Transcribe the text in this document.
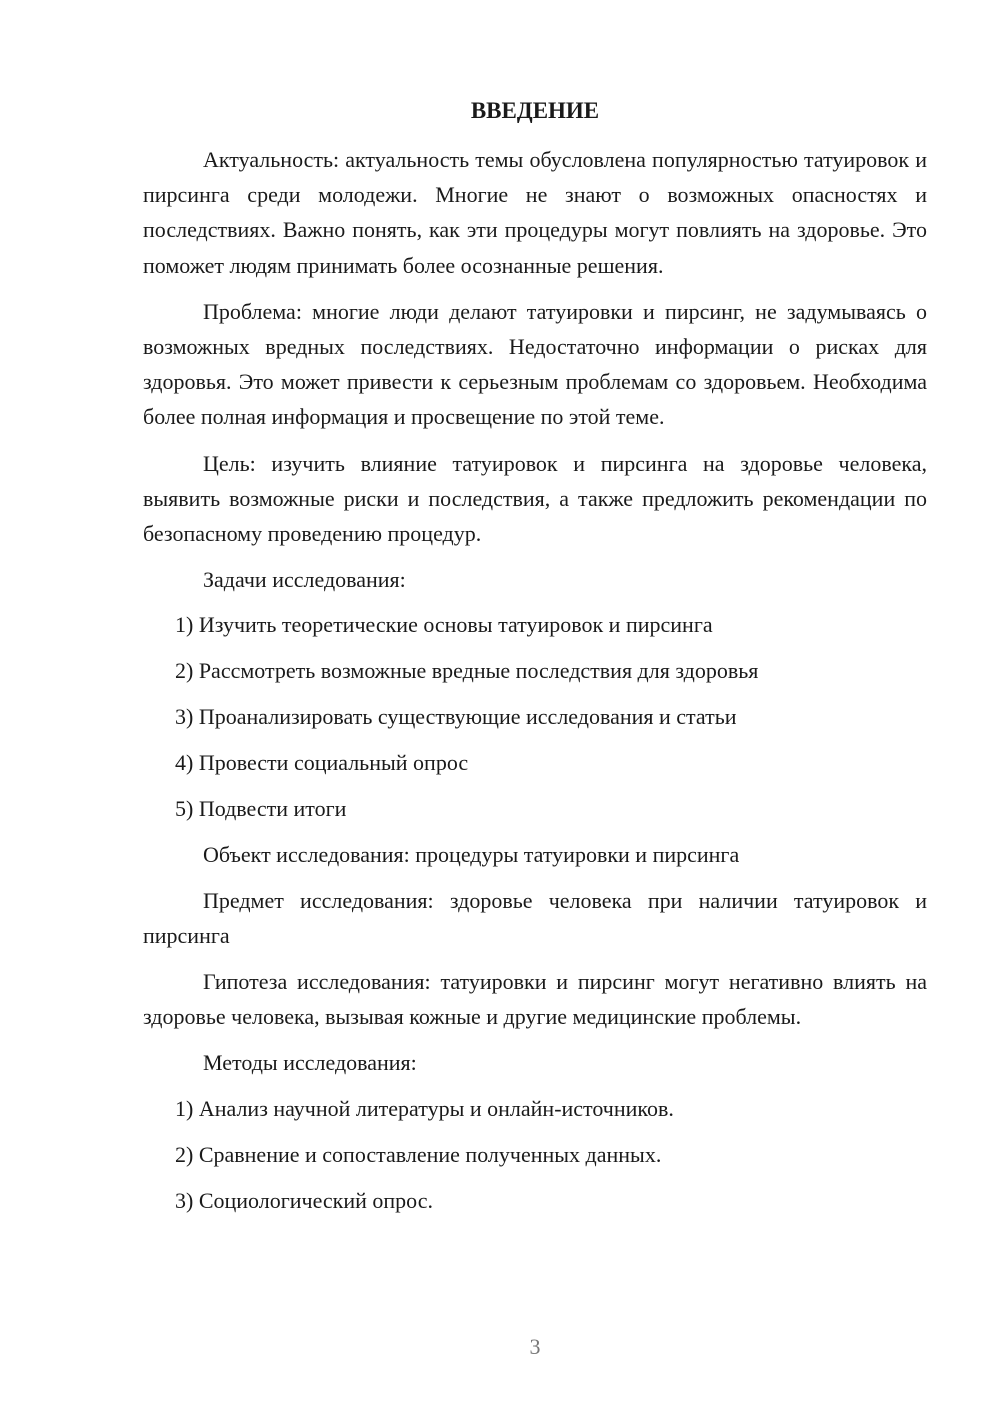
ВВЕДЕНИЕ

Актуальность: актуальность темы обусловлена популярностью татуировок и пирсинга среди молодежи. Многие не знают о возможных опасностях и последствиях. Важно понять, как эти процедуры могут повлиять на здоровье. Это поможет людям принимать более осознанные решения.

Проблема: многие люди делают татуировки и пирсинг, не задумываясь о возможных вредных последствиях. Недостаточно информации о рисках для здоровья. Это может привести к серьезным проблемам со здоровьем. Необходима более полная информация и просвещение по этой теме.

Цель: изучить влияние татуировок и пирсинга на здоровье человека, выявить возможные риски и последствия, а также предложить рекомендации по безопасному проведению процедур.

Задачи исследования:

1) Изучить теоретические основы татуировок и пирсинга
2) Рассмотреть возможные вредные последствия для здоровья
3) Проанализировать существующие исследования и статьи
4) Провести социальный опрос
5) Подвести итоги

Объект исследования: процедуры татуировки и пирсинга

Предмет исследования: здоровье человека при наличии татуировок и пирсинга

Гипотеза исследования: татуировки и пирсинг могут негативно влиять на здоровье человека, вызывая кожные и другие медицинские проблемы.

Методы исследования:

1) Анализ научной литературы и онлайн-источников.
2) Сравнение и сопоставление полученных данных.
3) Социологический опрос.
3
